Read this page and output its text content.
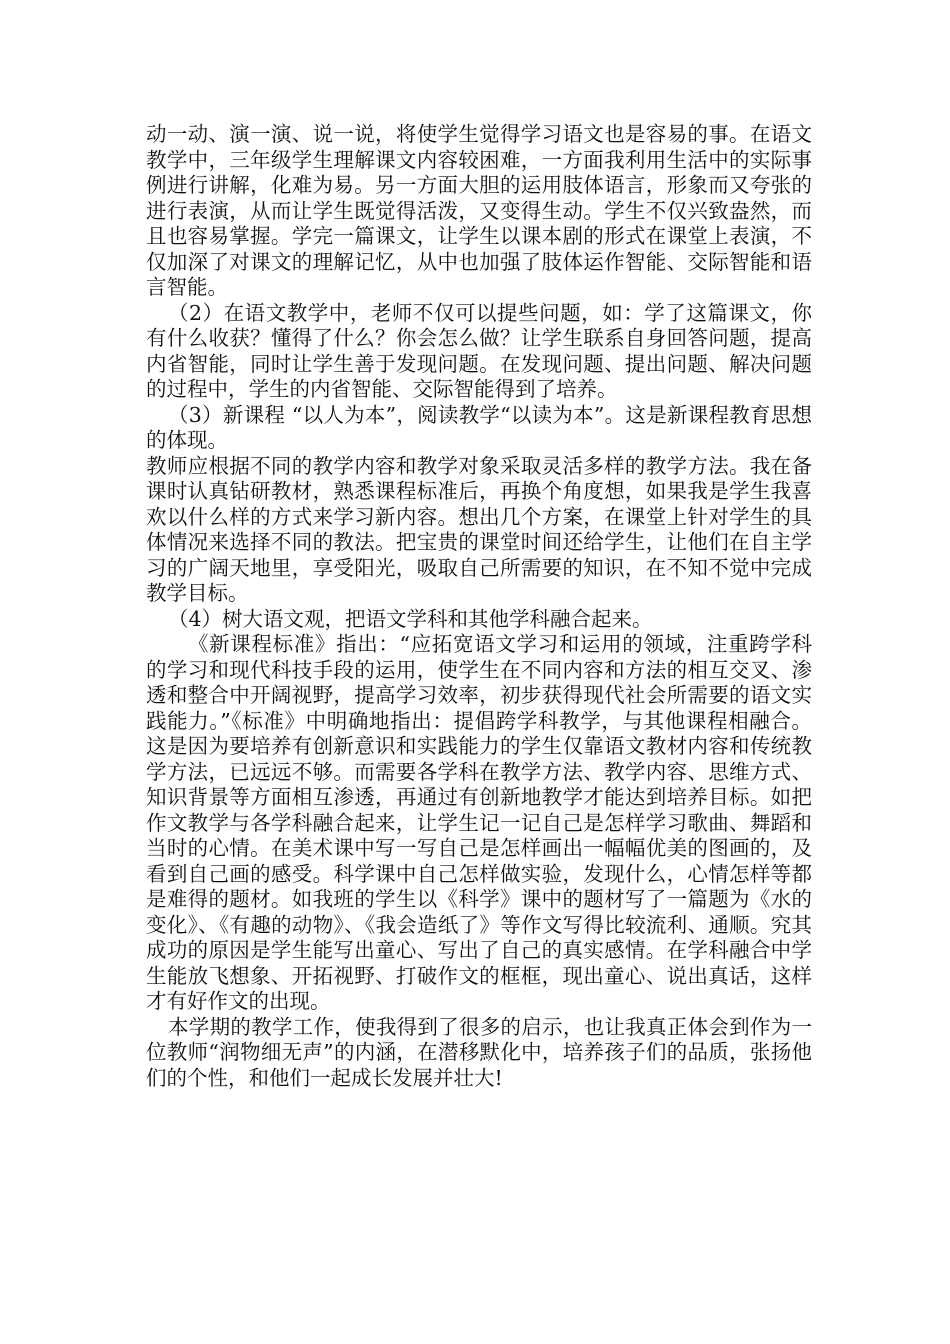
动一动、演一演、说一说，将使学生觉得学习语文也是容易的事。在语文教学中，三年级学生理解课文内容较困难，一方面我利用生活中的实际事例进行讲解，化难为易。另一方面大胆的运用肢体语言，形象而又夸张的进行表演，从而让学生既觉得活泼，又变得生动。学生不仅兴致盎然，而且也容易掌握。学完一篇课文，让学生以课本剧的形式在课堂上表演，不仅加深了对课文的理解记忆，从中也加强了肢体运作智能、交际智能和语言智能。

（2）在语文教学中，老师不仅可以提些问题，如：学了这篇课文，你有什么收获？懂得了什么？你会怎么做？让学生联系自身回答问题，提高内省智能，同时让学生善于发现问题。在发现问题、提出问题、解决问题的过程中，学生的内省智能、交际智能得到了培养。

（3）新课程 “以人为本”，阅读教学“以读为本”。这是新课程教育思想的体现。

教师应根据不同的教学内容和教学对象采取灵活多样的教学方法。我在备课时认真钻研教材，熟悉课程标准后，再换个角度想，如果我是学生我喜欢以什么样的方式来学习新内容。想出几个方案，在课堂上针对学生的具体情况来选择不同的教法。把宝贵的课堂时间还给学生，让他们在自主学习的广阔天地里，享受阳光，吸取自己所需要的知识，在不知不觉中完成教学目标。

（4）树大语文观，把语文学科和其他学科融合起来。

《新课程标准》指出：“应拓宽语文学习和运用的领域，注重跨学科的学习和现代科技手段的运用，使学生在不同内容和方法的相互交叉、渗透和整合中开阔视野，提高学习效率，初步获得现代社会所需要的语文实践能力。”《标准》中明确地指出：提倡跨学科教学，与其他课程相融合。这是因为要培养有创新意识和实践能力的学生仅靠语文教材内容和传统教学方法，已远远不够。而需要各学科在教学方法、教学内容、思维方式、知识背景等方面相互渗透，再通过有创新地教学才能达到培养目标。如把作文教学与各学科融合起来，让学生记一记自己是怎样学习歌曲、舞蹈和当时的心情。在美术课中写一写自己是怎样画出一幅幅优美的图画的，及看到自己画的感受。科学课中自己怎样做实验，发现什么，心情怎样等都是难得的题材。如我班的学生以《科学》课中的题材写了一篇题为《水的变化》、《有趣的动物》、《我会造纸了》等作文写得比较流利、通顺。究其成功的原因是学生能写出童心、写出了自己的真实感情。在学科融合中学生能放飞想象、开拓视野、打破作文的框框，现出童心、说出真话，这样才有好作文的出现。

本学期的教学工作，使我得到了很多的启示，也让我真正体会到作为一位教师“润物细无声”的内涵，在潜移默化中，培养孩子们的品质，张扬他们的个性，和他们一起成长发展并壮大!
